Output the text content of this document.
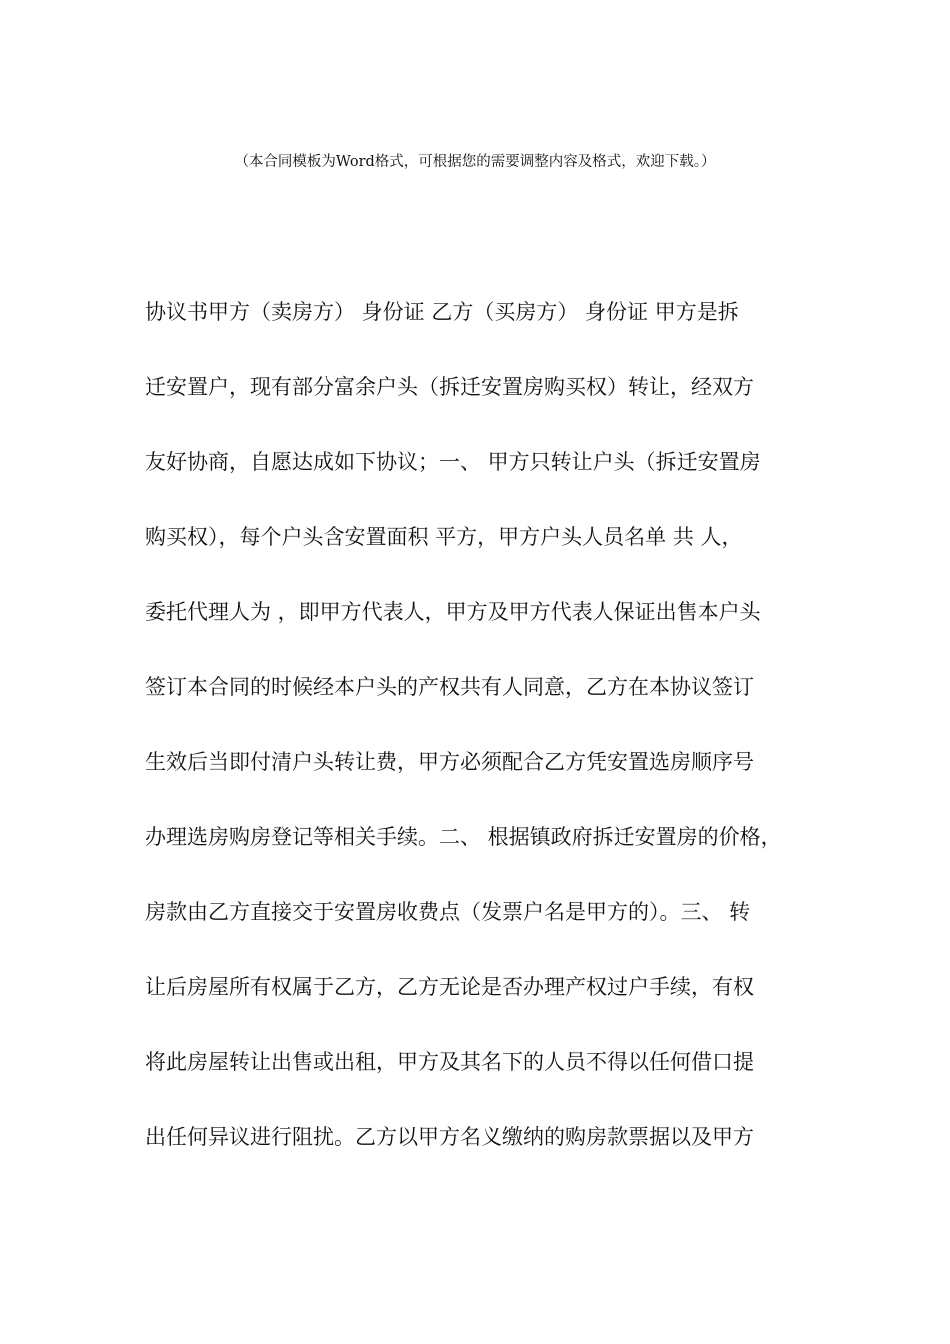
（本合同模板为Word格式，可根据您的需要调整内容及格式，欢迎下载。）
协议书甲方（卖房方） 身份证 乙方（买房方） 身份证 甲方是拆
迁安置户，现有部分富余户头（拆迁安置房购买权）转让，经双方
友好协商，自愿达成如下协议；一、 甲方只转让户头（拆迁安置房
购买权），每个户头含安置面积 平方，甲方户头人员名单 共 人，
委托代理人为 ，即甲方代表人，甲方及甲方代表人保证出售本户头
签订本合同的时候经本户头的产权共有人同意，乙方在本协议签订
生效后当即付清户头转让费，甲方必须配合乙方凭安置选房顺序号
办理选房购房登记等相关手续。二、 根据镇政府拆迁安置房的价格，
房款由乙方直接交于安置房收费点（发票户名是甲方的）。三、 转
让后房屋所有权属于乙方，乙方无论是否办理产权过户手续，有权
将此房屋转让出售或出租，甲方及其名下的人员不得以任何借口提
出任何异议进行阻扰。乙方以甲方名义缴纳的购房款票据以及甲方
